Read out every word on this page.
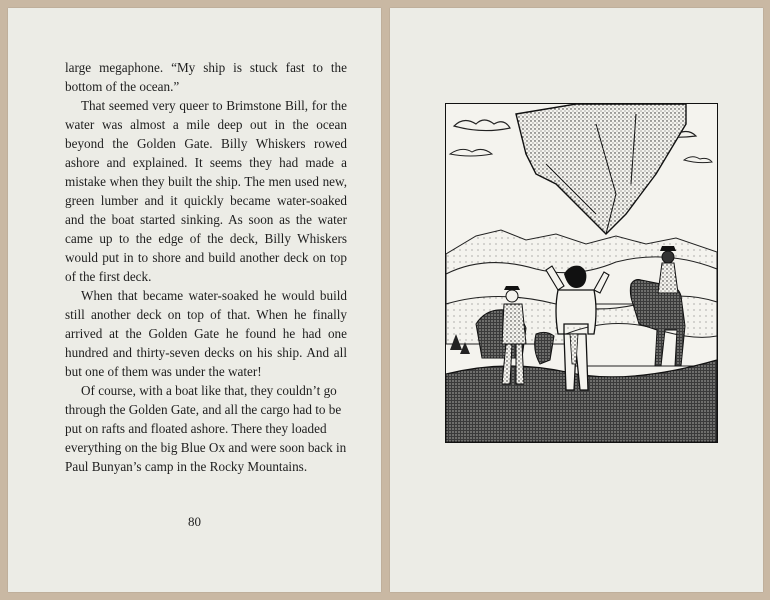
large megaphone. “My ship is stuck fast to the bottom of the ocean.”

That seemed very queer to Brimstone Bill, for the water was almost a mile deep out in the ocean beyond the Golden Gate. Billy Whiskers rowed ashore and explained. It seems they had made a mistake when they built the ship. The men used new, green lumber and it quickly became water-soaked and the boat started sinking. As soon as the water came up to the edge of the deck, Billy Whiskers would put in to shore and build another deck on top of the first deck.

When that became water-soaked he would build still another deck on top of that. When he finally arrived at the Golden Gate he found he had one hundred and thirty-seven decks on his ship. And all but one of them was under the water!

Of course, with a boat like that, they couldn’t go through the Golden Gate, and all the cargo had to be put on rafts and floated ashore. There they loaded everything on the big Blue Ox and were soon back in Paul Bunyan’s camp in the Rocky Mountains.

80
